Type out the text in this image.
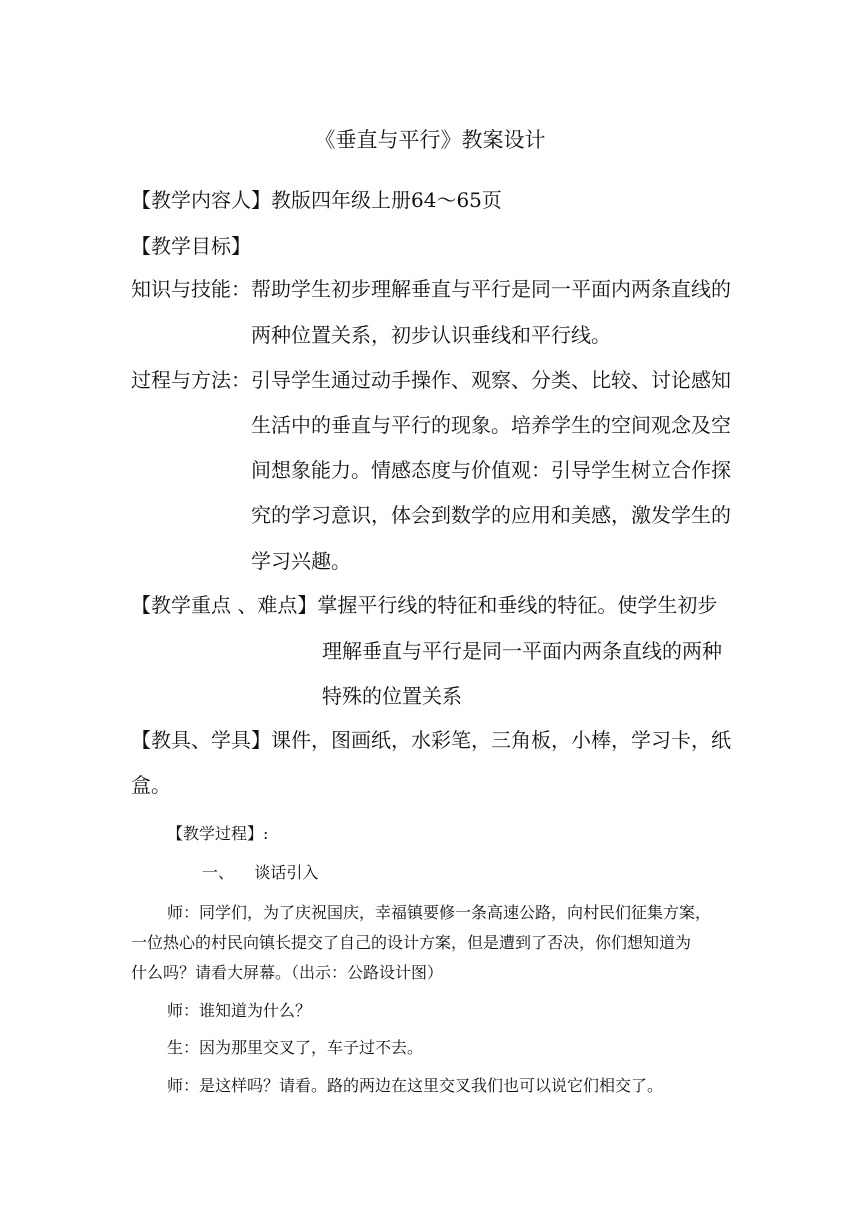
《垂直与平行》教案设计
【教学内容人】教版四年级上册64～65页
【教学目标】
知识与技能：帮助学生初步理解垂直与平行是同一平面内两条直线的
两种位置关系，初步认识垂线和平行线。
过程与方法：引导学生通过动手操作、观察、分类、比较、讨论感知
生活中的垂直与平行的现象。培养学生的空间观念及空
间想象能力。情感态度与价值观：引导学生树立合作探
究的学习意识，体会到数学的应用和美感，激发学生的
学习兴趣。
【教学重点 、难点】掌握平行线的特征和垂线的特征。使学生初步
理解垂直与平行是同一平面内两条直线的两种
特殊的位置关系
【教具、学具】课件，图画纸，水彩笔，三角板，小棒，学习卡，纸
盒。
【教学过程】:
一、    谈话引入
师：同学们，为了庆祝国庆，幸福镇要修一条高速公路，向村民们征集方案，
一位热心的村民向镇长提交了自己的设计方案，但是遭到了否决，你们想知道为
什么吗？请看大屏幕。（出示：公路设计图）
师：谁知道为什么？
生：因为那里交叉了，车子过不去。
师：是这样吗？请看。路的两边在这里交叉我们也可以说它们相交了。
